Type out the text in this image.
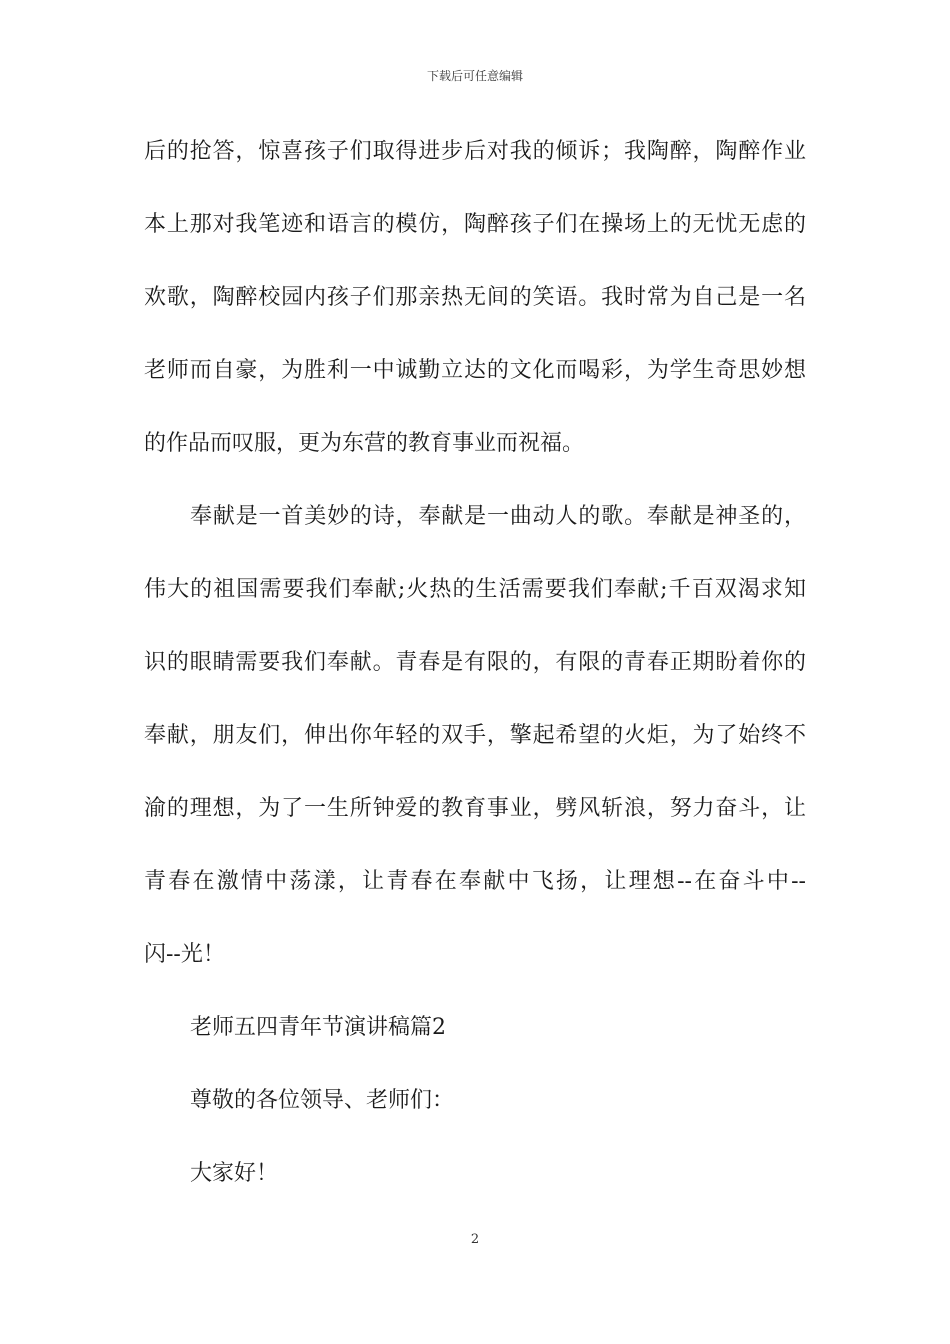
下载后可任意编辑
后的抢答，惊喜孩子们取得进步后对我的倾诉；我陶醉，陶醉作业
本上那对我笔迹和语言的模仿，陶醉孩子们在操场上的无忧无虑的
欢歌，陶醉校园内孩子们那亲热无间的笑语。我时常为自己是一名
老师而自豪，为胜利一中诚勤立达的文化而喝彩，为学生奇思妙想
的作品而叹服，更为东营的教育事业而祝福。
奉献是一首美妙的诗，奉献是一曲动人的歌。奉献是神圣的，
伟大的祖国需要我们奉献;火热的生活需要我们奉献;千百双渴求知
识的眼睛需要我们奉献。青春是有限的，有限的青春正期盼着你的
奉献，朋友们，伸出你年轻的双手，擎起希望的火炬，为了始终不
渝的理想，为了一生所钟爱的教育事业，劈风斩浪，努力奋斗，让
青春在激情中荡漾，让青春在奉献中飞扬，让理想--在奋斗中--
闪--光！
老师五四青年节演讲稿篇2
尊敬的各位领导、老师们：
大家好！
2
